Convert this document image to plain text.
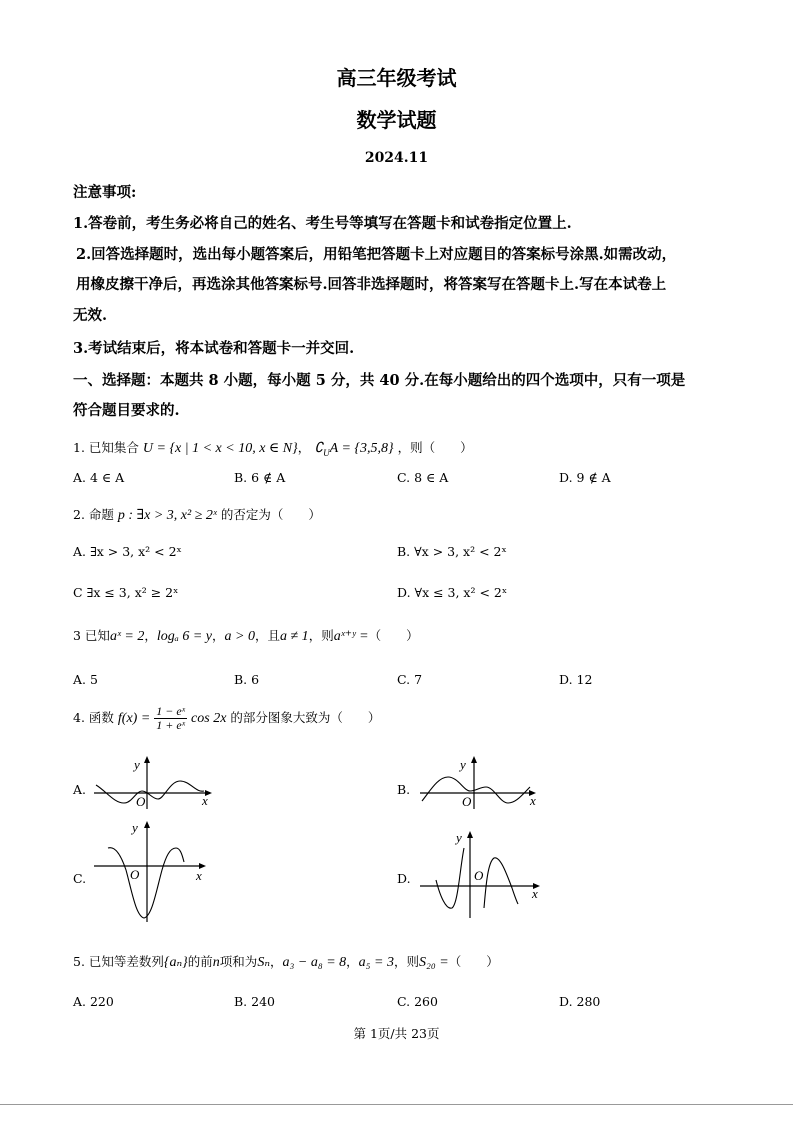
高三年级考试
数学试题
2024.11
注意事项:
1.答卷前，考生务必将自己的姓名、考生号等填写在答题卡和试卷指定位置上.
2.回答选择题时，选出每小题答案后，用铅笔把答题卡上对应题目的答案标号涂黑.如需改动，
用橡皮擦干净后，再选涂其他答案标号.回答非选择题时，将答案写在答题卡上.写在本试卷上
无效.
3.考试结束后，将本试卷和答题卡一并交回.
一、选择题：本题共 8 小题，每小题 5 分，共 40 分.在每小题给出的四个选项中，只有一项是
符合题目要求的.
1. 已知集合 U = {x | 1 < x < 10, x ∈ N}， $∁_UA = \{3,5,8\}$ ，则（　　）
A. 4 ∈ A	B. 6 ∉ A	C. 8 ∈ A	D. 9 ∉ A
2. 命题 p : ∃x > 3, x² ≥ 2ˣ 的否定为（　　）
A. ∃x > 3, x² < 2ˣ	B. ∀x > 3, x² < 2ˣ
C ∃x ≤ 3, x² ≥ 2ˣ	D. ∀x ≤ 3, x² < 2ˣ
3 已知aˣ = 2，logₐ 6 = y，a > 0，且a ≠ 1，则aˣ⁺ʸ =（　　）
A. 5	B. 6	C. 7	D. 12
4. 函数 $f(x) = \frac{\text{1 − eˣ}}{\text{1 + eˣ}}$ cos 2x 的部分图象大致为（　　）
A.
x
y
O
B.
x
y
O
C.	x
y
O	D.
x
y
O
5. 已知等差数列{aₙ}的前n项和为Sₙ，a₃ − a₈ = 8，a₅ = 3，则S₂₀ =（　　）
A. 220	B. 240	C. 260	D. 280
第 1页/共 23页
